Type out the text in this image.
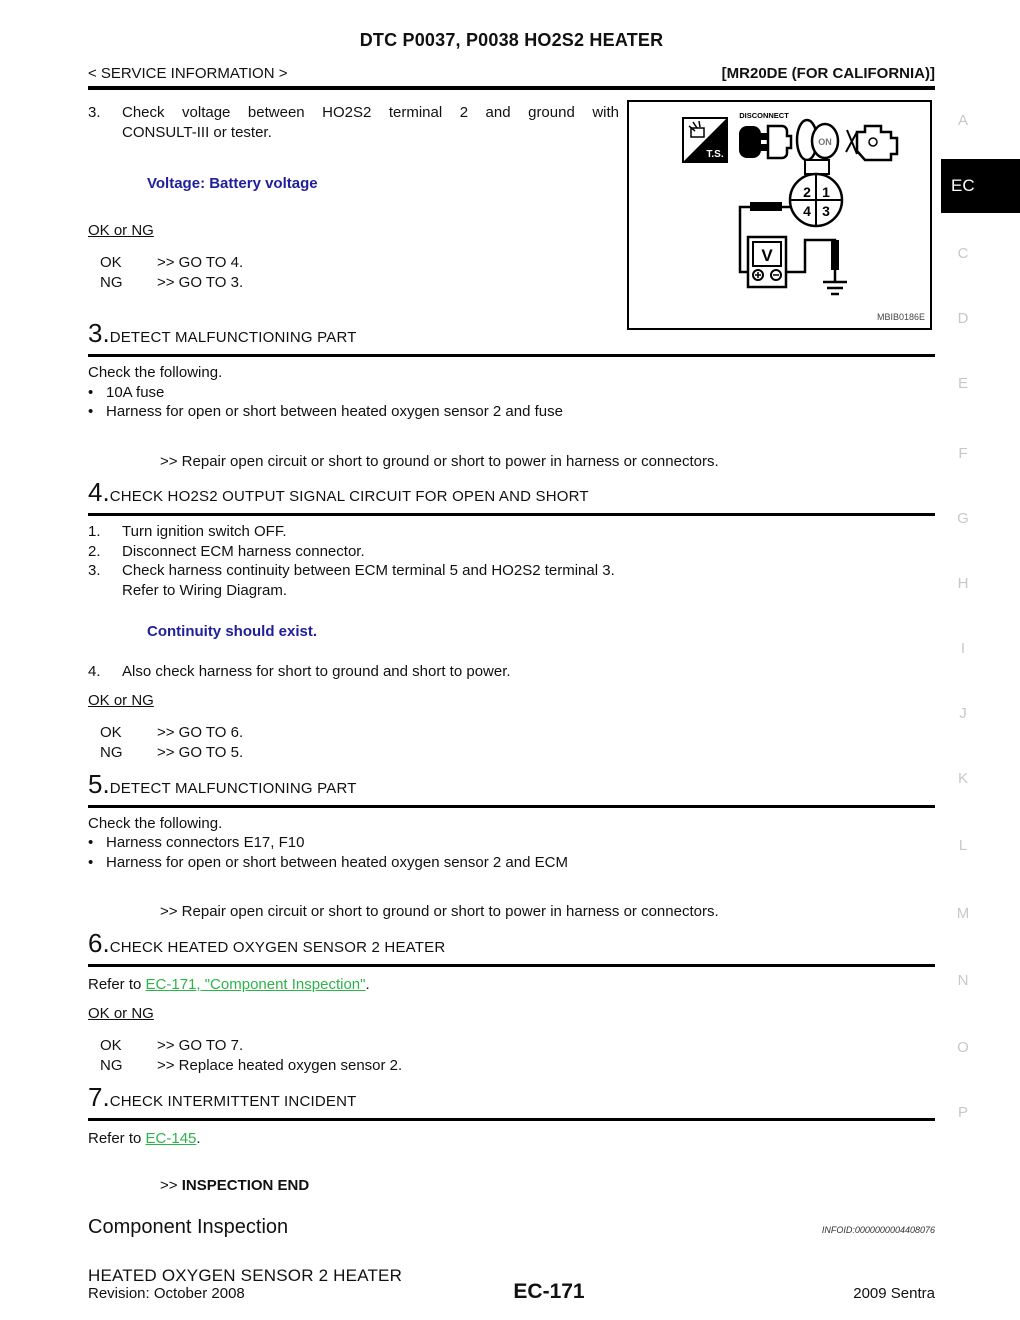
DTC P0037, P0038 HO2S2 HEATER
< SERVICE INFORMATION >	[MR20DE (FOR CALIFORNIA)]
3.	Check voltage between HO2S2 terminal 2 and ground with
CONSULT-III or tester.
Voltage: Battery voltage
OK or NG
OK	>> GO TO 4.
NG	>> GO TO 3.
T.S.
DISCONNECT
ON
2 1
4 3
V
MBIB0186E
3.DETECT MALFUNCTIONING PART
Check the following.
• 10A fuse
• Harness for open or short between heated oxygen sensor 2 and fuse
>> Repair open circuit or short to ground or short to power in harness or connectors.
4.CHECK HO2S2 OUTPUT SIGNAL CIRCUIT FOR OPEN AND SHORT
1.	Turn ignition switch OFF.
2.	Disconnect ECM harness connector.
3.	Check harness continuity between ECM terminal 5 and HO2S2 terminal 3.
Refer to Wiring Diagram.
Continuity should exist.
4.	Also check harness for short to ground and short to power.
OK or NG
OK	>> GO TO 6.
NG	>> GO TO 5.
5.DETECT MALFUNCTIONING PART
Check the following.
• Harness connectors E17, F10
• Harness for open or short between heated oxygen sensor 2 and ECM
>> Repair open circuit or short to ground or short to power in harness or connectors.
6.CHECK HEATED OXYGEN SENSOR 2 HEATER
Refer to EC-171, "Component Inspection".
OK or NG
OK	>> GO TO 7.
NG	>> Replace heated oxygen sensor 2.
7.CHECK INTERMITTENT INCIDENT
Refer to EC-145.
>> INSPECTION END
Component Inspection	INFOID:0000000004408076
HEATED OXYGEN SENSOR 2 HEATER
A
EC
C
D
E
F
G
H
I
J
K
L
M
N
O
P
Revision: October 2008	EC-171	2009 Sentra
